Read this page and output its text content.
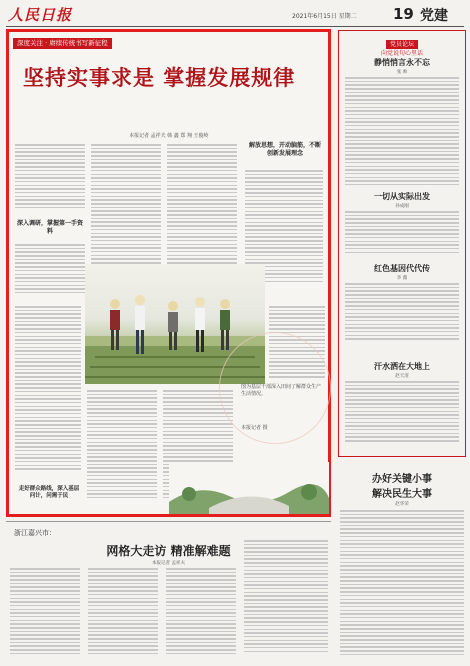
人民日报	2021年6月15日 星期二 19 党建
深度关注 · 赓续传统书写新征程
坚持实事求是 掌握发展规律
本报记者 孟祥夫 韩 鑫 郑 翔 王俊岭
深入调研，掌握第一手资料
解放思想，开动脑筋，不断创新发展理念
走好群众路线，深入基层问计，问需于民
图为基层干部深入田间了解群众生产生活情况。
本报记者 摄
党员论坛
向党说句心里话
静悄悄言永不忘
张 帅
一切从实际出发
孙成刚
红色基因代代传
李 薇
汗水洒在大地上
赵天清
办好关键小事
解决民生大事
赵华荣
浙江嘉兴市：
网格大走访 精准解难题
本报记者 孟祥夫
